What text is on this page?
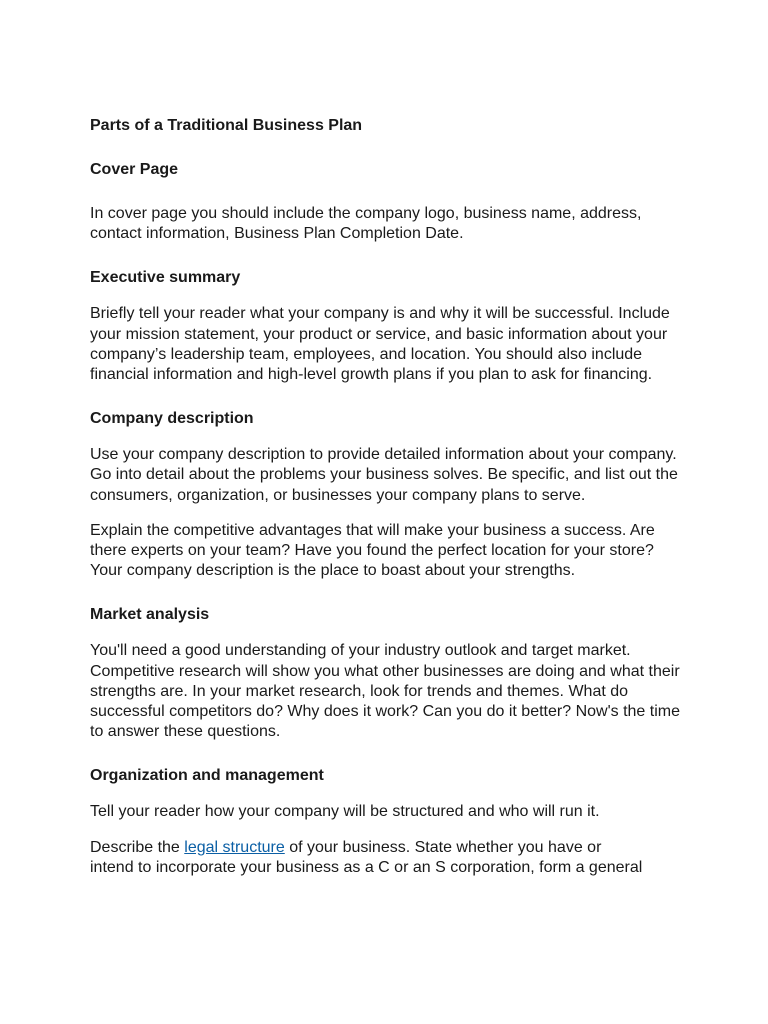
Parts of a Traditional Business Plan
Cover Page

In cover page you should include the company logo, business name, address, contact information, Business Plan Completion Date.

Executive summary

Briefly tell your reader what your company is and why it will be successful. Include your mission statement, your product or service, and basic information about your company’s leadership team, employees, and location. You should also include financial information and high-level growth plans if you plan to ask for financing.

Company description

Use your company description to provide detailed information about your company. Go into detail about the problems your business solves. Be specific, and list out the consumers, organization, or businesses your company plans to serve.

Explain the competitive advantages that will make your business a success. Are there experts on your team? Have you found the perfect location for your store? Your company description is the place to boast about your strengths.

Market analysis

You'll need a good understanding of your industry outlook and target market. Competitive research will show you what other businesses are doing and what their strengths are. In your market research, look for trends and themes. What do successful competitors do? Why does it work? Can you do it better? Now's the time to answer these questions.

Organization and management

Tell your reader how your company will be structured and who will run it.

Describe the legal structure of your business. State whether you have or
intend to incorporate your business as a C or an S corporation, form a general
